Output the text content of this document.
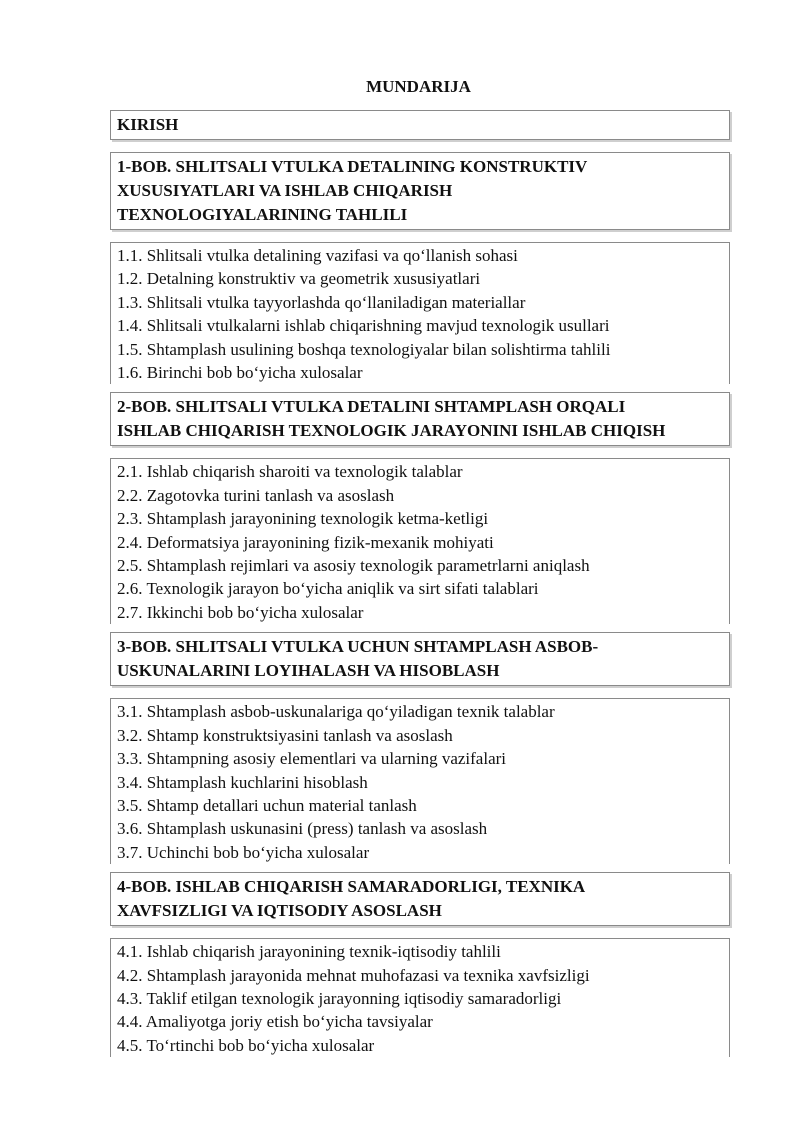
MUNDARIJA
KIRISH
1-BOB. SHLITSALI VTULKA DETALINING KONSTRUKTIV
XUSUSIYATLARI VA ISHLAB CHIQARISH
TEXNOLOGIYALARINING TAHLILI
1.1. Shlitsali vtulka detalining vazifasi va qo‘llanish sohasi
1.2. Detalning konstruktiv va geometrik xususiyatlari
1.3. Shlitsali vtulka tayyorlashda qo‘llaniladigan materiallar
1.4. Shlitsali vtulkalarni ishlab chiqarishning mavjud texnologik usullari
1.5. Shtamplash usulining boshqa texnologiyalar bilan solishtirma tahlili
1.6. Birinchi bob bo‘yicha xulosalar
2-BOB. SHLITSALI VTULKA DETALINI SHTAMPLASH ORQALI
ISHLAB CHIQARISH TEXNOLOGIK JARAYONINI ISHLAB CHIQISH
2.1. Ishlab chiqarish sharoiti va texnologik talablar
2.2. Zagotovka turini tanlash va asoslash
2.3. Shtamplash jarayonining texnologik ketma-ketligi
2.4. Deformatsiya jarayonining fizik-mexanik mohiyati
2.5. Shtamplash rejimlari va asosiy texnologik parametrlarni aniqlash
2.6. Texnologik jarayon bo‘yicha aniqlik va sirt sifati talablari
2.7. Ikkinchi bob bo‘yicha xulosalar
3-BOB. SHLITSALI VTULKA UCHUN SHTAMPLASH ASBOB-
USKUNALARINI LOYIHALASH VA HISOBLASH
3.1. Shtamplash asbob-uskunalariga qo‘yiladigan texnik talablar
3.2. Shtamp konstruktsiyasini tanlash va asoslash
3.3. Shtampning asosiy elementlari va ularning vazifalari
3.4. Shtamplash kuchlarini hisoblash
3.5. Shtamp detallari uchun material tanlash
3.6. Shtamplash uskunasini (press) tanlash va asoslash
3.7. Uchinchi bob bo‘yicha xulosalar
4-BOB. ISHLAB CHIQARISH SAMARADORLIGI, TEXNIKA
XAVFSIZLIGI VA IQTISODIY ASOSLASH
4.1. Ishlab chiqarish jarayonining texnik-iqtisodiy tahlili
4.2. Shtamplash jarayonida mehnat muhofazasi va texnika xavfsizligi
4.3. Taklif etilgan texnologik jarayonning iqtisodiy samaradorligi
4.4. Amaliyotga joriy etish bo‘yicha tavsiyalar
4.5. To‘rtinchi bob bo‘yicha xulosalar
